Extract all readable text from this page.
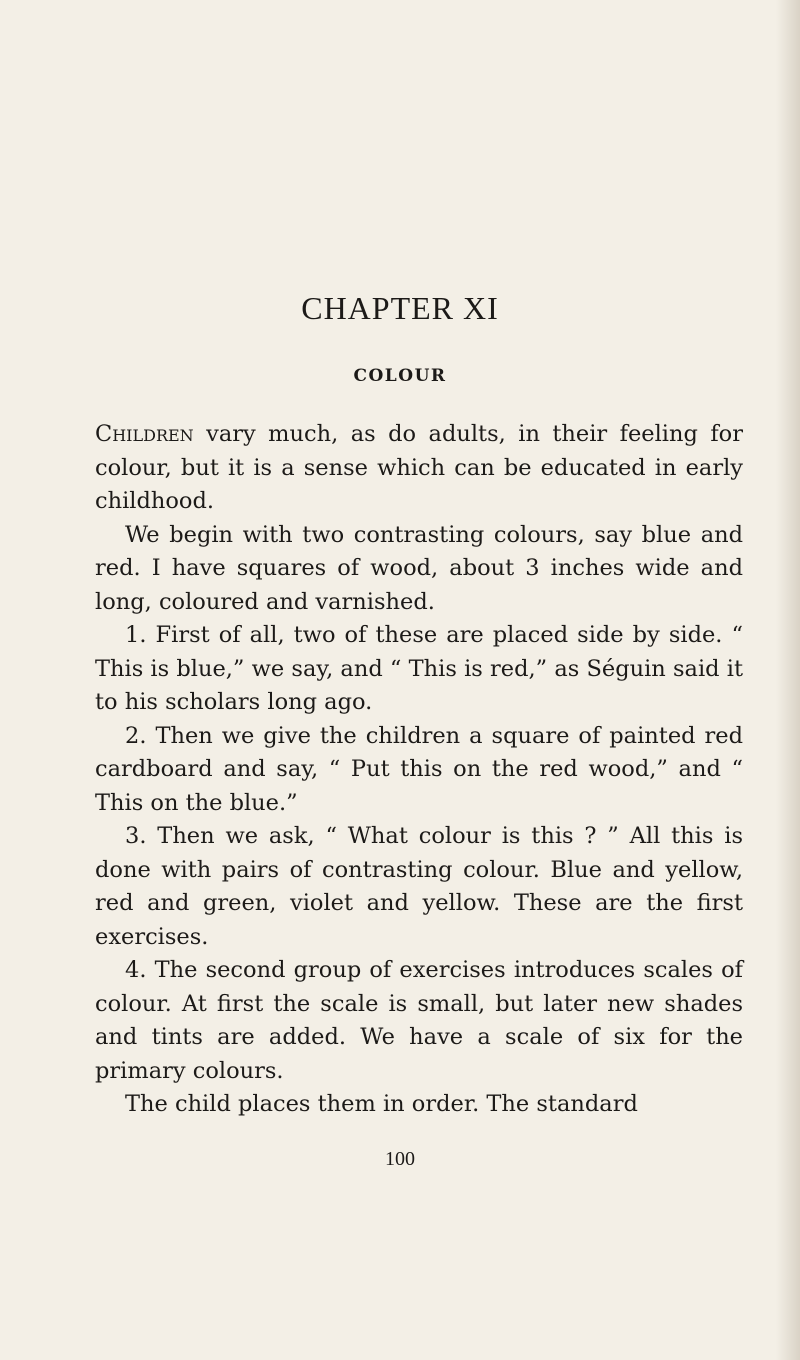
CHAPTER XI
COLOUR

Children vary much, as do adults, in their feeling for colour, but it is a sense which can be educated in early childhood.

We begin with two contrasting colours, say blue and red. I have squares of wood, about 3 inches wide and long, coloured and varnished.

1. First of all, two of these are placed side by side. “ This is blue,” we say, and “ This is red,” as Séguin said it to his scholars long ago.

2. Then we give the children a square of painted red cardboard and say, “ Put this on the red wood,” and “ This on the blue.”

3. Then we ask, “ What colour is this ? ” All this is done with pairs of contrasting colour. Blue and yellow, red and green, violet and yellow. These are the first exercises.

4. The second group of exercises introduces scales of colour. At first the scale is small, but later new shades and tints are added. We have a scale of six for the primary colours.

The child places them in order. The standard

100
